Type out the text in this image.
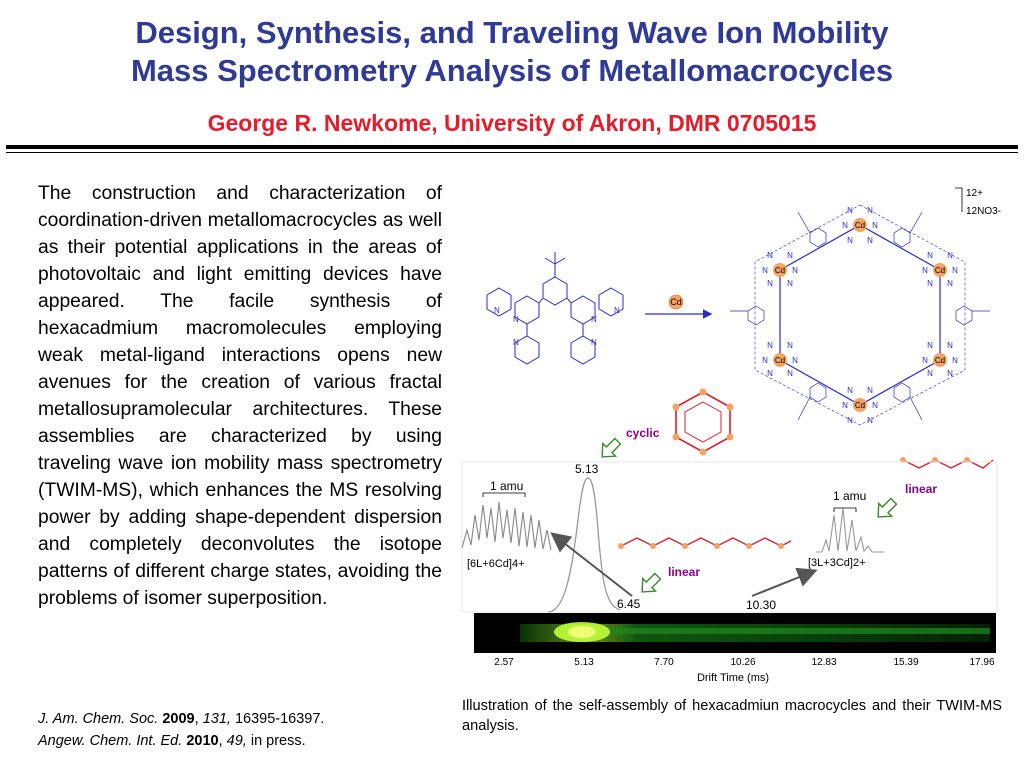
Design, Synthesis, and Traveling Wave Ion Mobility
Mass Spectrometry Analysis of Metallomacrocycles
George R. Newkome, University of Akron, DMR 0705015
The construction and characterization of coordination-driven metallomacrocycles as well as their potential applications in the areas of photovoltaic and light emitting devices have appeared. The facile synthesis of hexacadmium macromolecules employing weak metal-ligand interactions opens new avenues for the creation of various fractal metallosupramolecular architectures. These assemblies are characterized by using traveling wave ion mobility mass spectrometry (TWIM-MS), which enhances the MS resolving power by adding shape-dependent dispersion and completely deconvolutes the isotope patterns of different charge states, avoiding the problems of isomer superposition.
J. Am. Chem. Soc. 2009, 131, 16395-16397.
Angew. Chem. Int. Ed. 2010, 49, in press.
N
N
N
N
N
N
Cd
Cd
Cd
Cd
Cd
Cd
Cd
N N
N	N
N N
N N
N	N
N N
N N
N	N
N N
N N
N	N
N N
N N
N	N
N N
N N
N	N
N N
12+
12NO3-
cyclic
linear
1 amu
[6L+6Cd]4+
5.13
linear
6.45	10.30
1 amu
[3L+3Cd]2+
2.57	5.13	7.70	10.26	12.83	15.39	17.96
Drift Time (ms)
Illustration of the self-assembly of hexacadmiun macrocycles and their TWIM-MS analysis.
